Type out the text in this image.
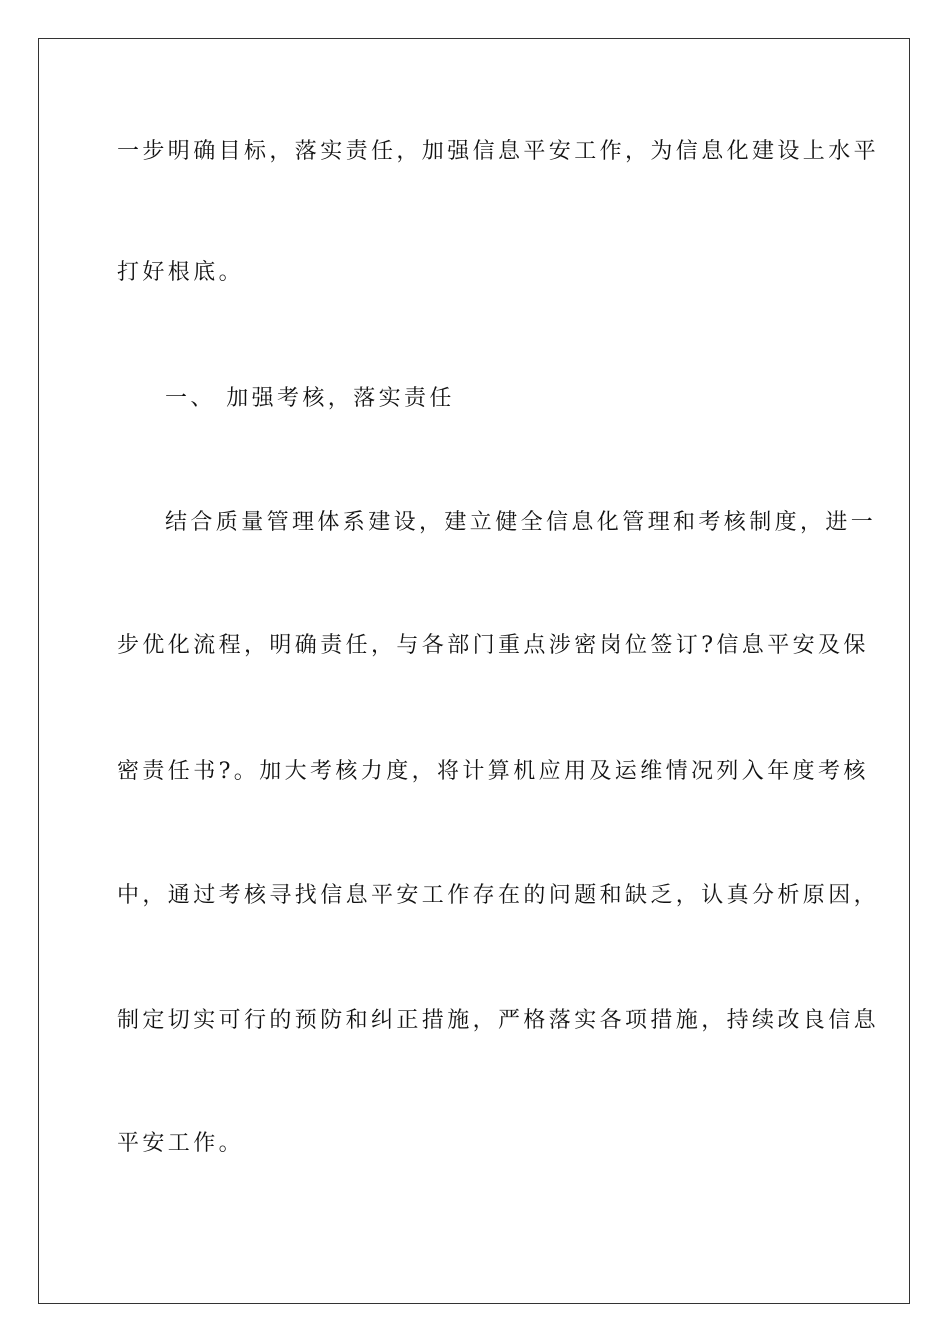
一步明确目标，落实责任，加强信息平安工作，为信息化建设上水平
打好根底。
一、 加强考核，落实责任
结合质量管理体系建设，建立健全信息化管理和考核制度，进一
步优化流程，明确责任，与各部门重点涉密岗位签订?信息平安及保
密责任书?。加大考核力度，将计算机应用及运维情况列入年度考核
中，通过考核寻找信息平安工作存在的问题和缺乏，认真分析原因，
制定切实可行的预防和纠正措施，严格落实各项措施，持续改良信息
平安工作。
